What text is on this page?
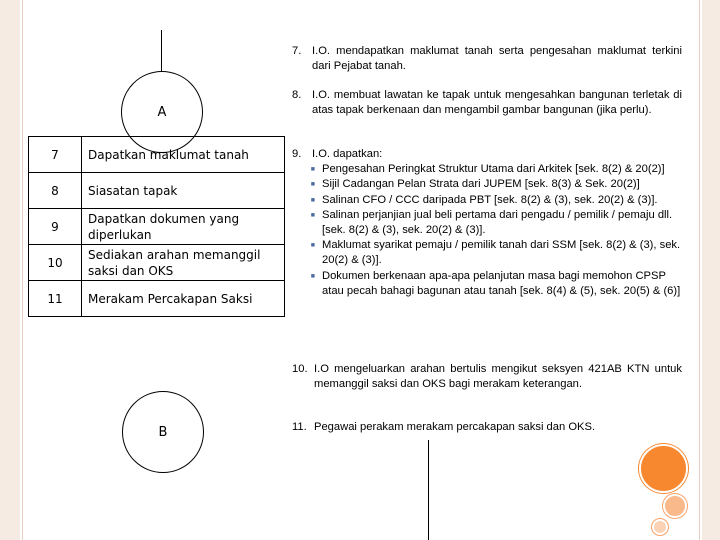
A
7	Dapatkan maklumat tanah
8	Siasatan tapak
9	Dapatkan dokumen yang diperlukan
10	Sediakan arahan memanggil saksi dan OKS
11	Merakam Percakapan Saksi
B
7. I.O. mendapatkan maklumat tanah serta pengesahan maklumat terkini dari Pejabat tanah.
8. I.O. membuat lawatan ke tapak untuk mengesahkan bangunan terletak di atas tapak berkenaan dan mengambil gambar bangunan (jika perlu).
9. I.O. dapatkan:
■ Pengesahan Peringkat Struktur Utama dari Arkitek [sek. 8(2) & 20(2)]
■ Sijil Cadangan Pelan Strata dari JUPEM [sek. 8(3) & Sek. 20(2)]
■ Salinan CFO / CCC daripada PBT [sek. 8(2) & (3), sek. 20(2) & (3)].
■ Salinan perjanjian jual beli pertama dari pengadu / pemilik / pemaju dll. [sek. 8(2) & (3), sek. 20(2) & (3)].
■ Maklumat syarikat pemaju / pemilik tanah dari SSM [sek. 8(2) & (3), sek. 20(2) & (3)].
■ Dokumen berkenaan apa-apa pelanjutan masa bagi memohon CPSP atau pecah bahagi bagunan atau tanah [sek. 8(4) & (5), sek. 20(5) & (6)]
10. I.O mengeluarkan arahan bertulis mengikut seksyen 421AB KTN untuk memanggil saksi dan OKS bagi merakam keterangan.
11. Pegawai perakam merakam percakapan saksi dan OKS.
